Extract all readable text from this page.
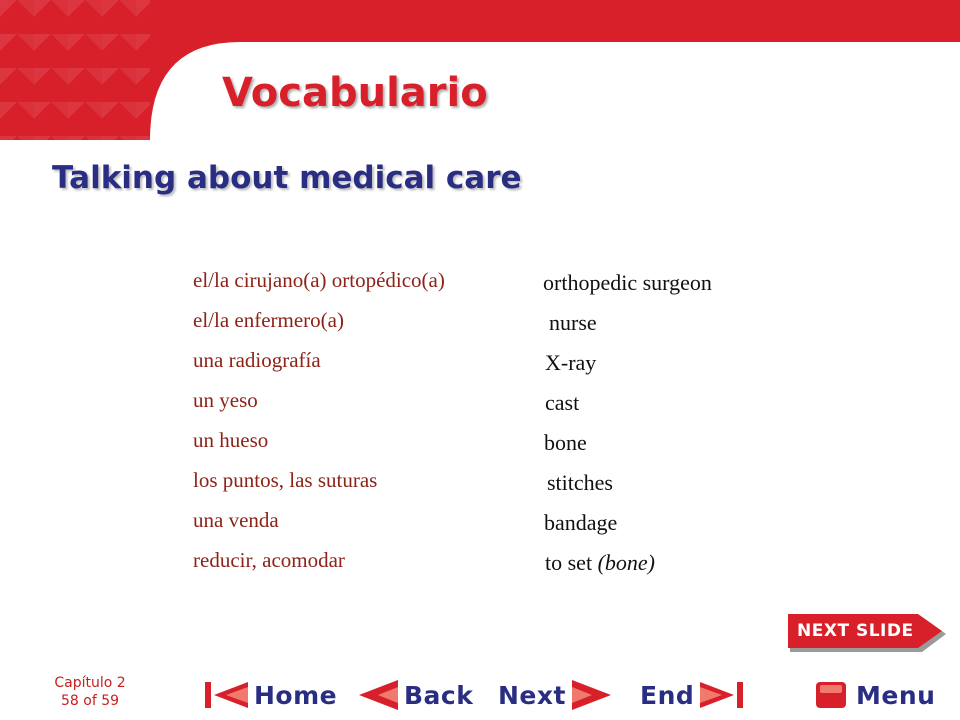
Vocabulario
Talking about medical care
el/la cirujano(a) ortopédico(a)	orthopedic surgeon
el/la enfermero(a)	nurse
una radiografía	X-ray
un yeso	cast
un hueso	bone
los puntos, las suturas	stitches
una venda	bandage
reducir, acomodar	to set (bone)
NEXT SLIDE
Capítulo 2
58 of 59	Home	Back Next	End	Menu
